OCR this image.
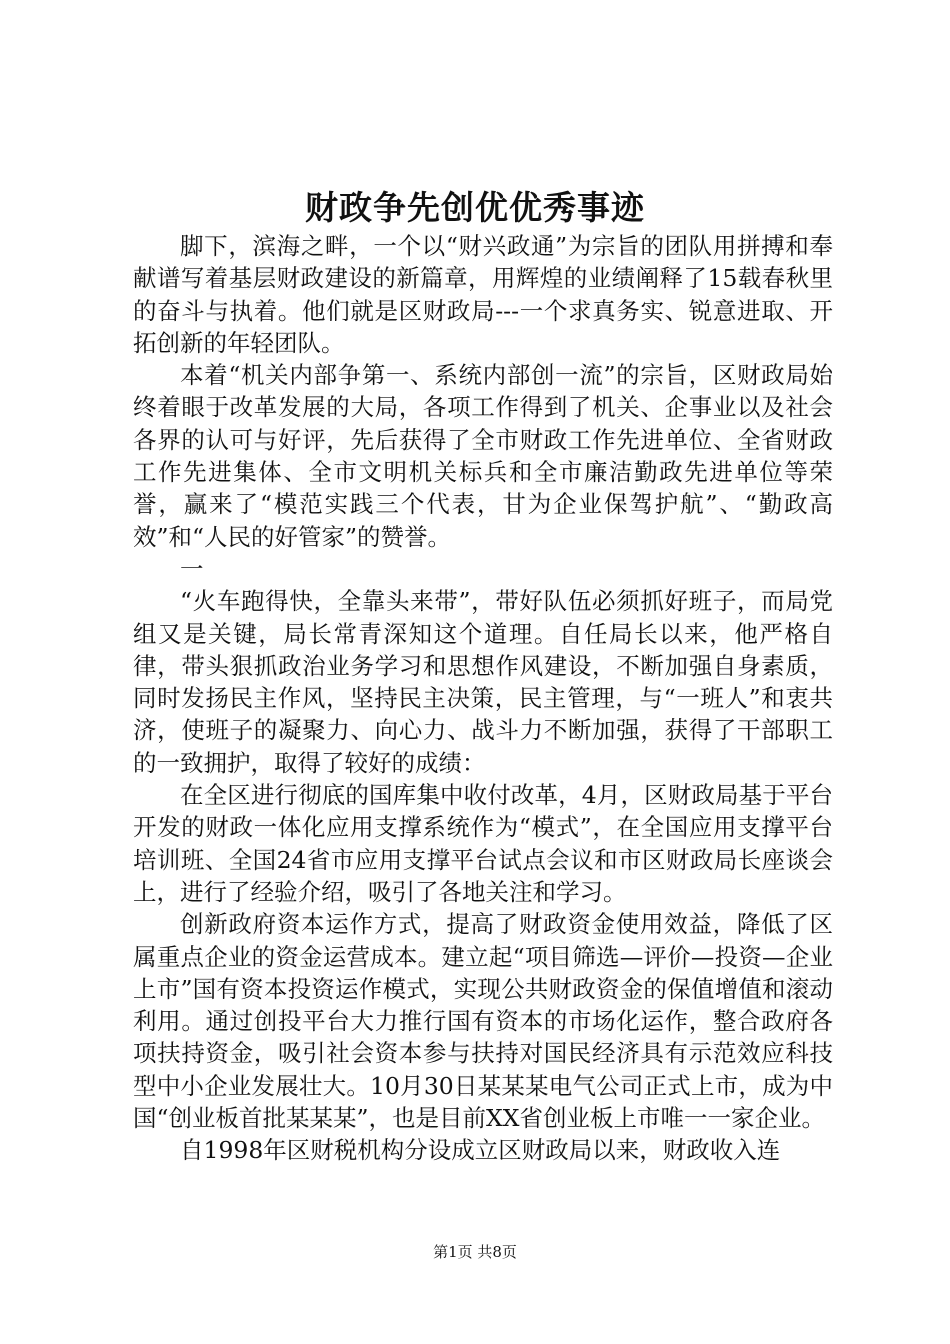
财政争先创优优秀事迹

脚下，滨海之畔，一个以“财兴政通”为宗旨的团队用拼搏和奉献谱写着基层财政建设的新篇章，用辉煌的业绩阐释了15载春秋里的奋斗与执着。他们就是区财政局---一个求真务实、锐意进取、开拓创新的年轻团队。

本着“机关内部争第一、系统内部创一流”的宗旨，区财政局始终着眼于改革发展的大局，各项工作得到了机关、企事业以及社会各界的认可与好评，先后获得了全市财政工作先进单位、全省财政工作先进集体、全市文明机关标兵和全市廉洁勤政先进单位等荣誉，赢来了“模范实践三个代表，甘为企业保驾护航”、“勤政高效”和“人民的好管家”的赞誉。

一

“火车跑得快，全靠头来带”，带好队伍必须抓好班子，而局党组又是关键，局长常青深知这个道理。自任局长以来，他严格自律，带头狠抓政治业务学习和思想作风建设，不断加强自身素质，同时发扬民主作风，坚持民主决策，民主管理，与“一班人”和衷共济，使班子的凝聚力、向心力、战斗力不断加强，获得了干部职工的一致拥护，取得了较好的成绩：

在全区进行彻底的国库集中收付改革，4月，区财政局基于平台开发的财政一体化应用支撑系统作为“模式”，在全国应用支撑平台培训班、全国24省市应用支撑平台试点会议和市区财政局长座谈会上，进行了经验介绍，吸引了各地关注和学习。

创新政府资本运作方式，提高了财政资金使用效益，降低了区属重点企业的资金运营成本。建立起“项目筛选—评价—投资—企业上市”国有资本投资运作模式，实现公共财政资金的保值增值和滚动利用。通过创投平台大力推行国有资本的市场化运作，整合政府各项扶持资金，吸引社会资本参与扶持对国民经济具有示范效应科技型中小企业发展壮大。10月30日某某某电气公司正式上市，成为中国“创业板首批某某某”，也是目前XX省创业板上市唯一一家企业。

自1998年区财税机构分设成立区财政局以来，财政收入连

第1页 共8页
